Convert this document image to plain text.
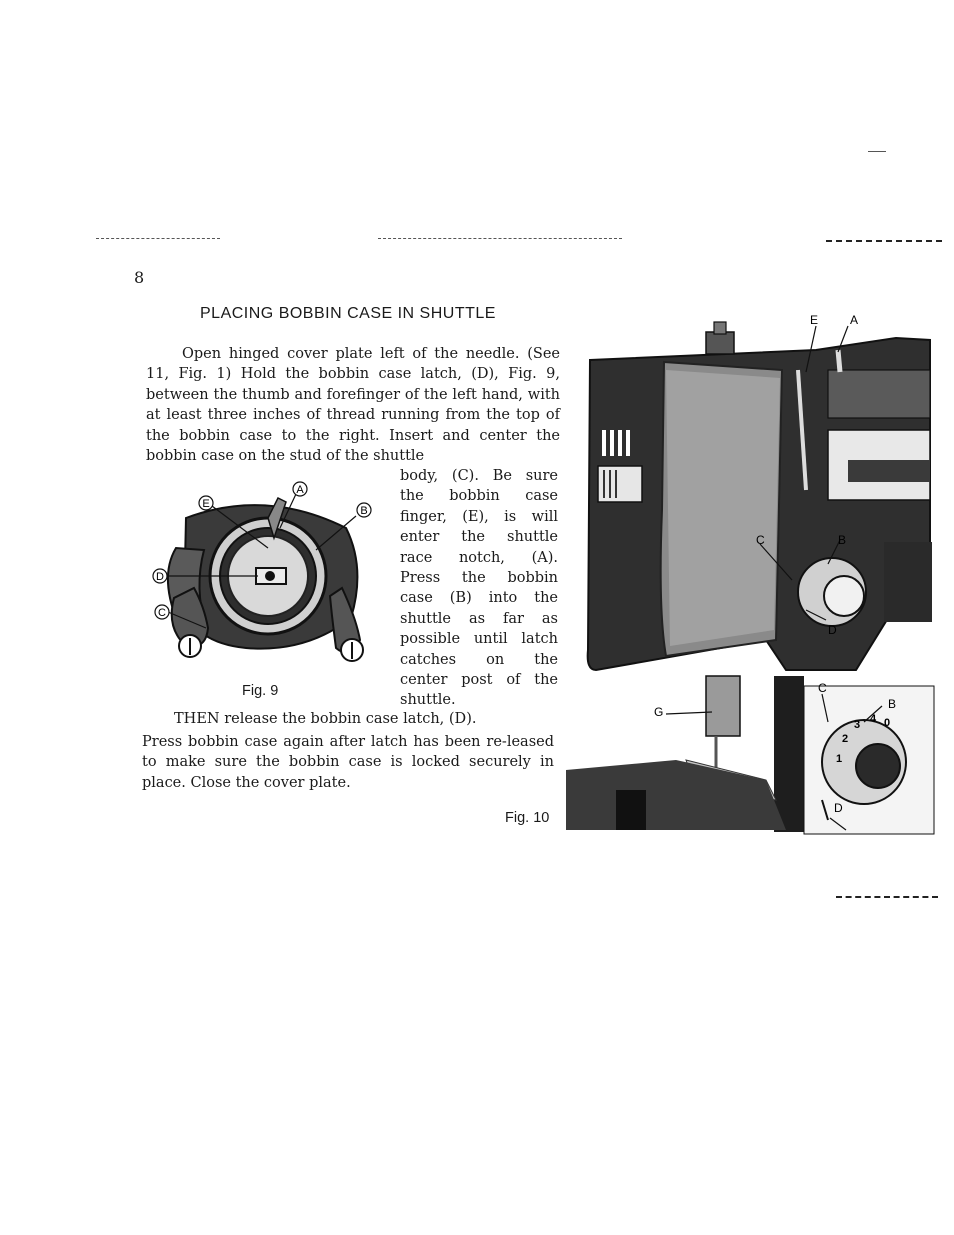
8
PLACING BOBBIN CASE IN SHUTTLE

Open hinged cover plate left of the needle. (See 11, Fig. 1) Hold the bobbin case latch, (D), Fig. 9, between the thumb and forefinger of the left hand, with at least three inches of thread running from the top of the bobbin case to the right. Insert and center the bobbin case on the stud of the shuttle

body, (C). Be sure the bobbin case finger, (E), is will enter the shuttle race notch, (A). Press the bobbin case (B) into the shuttle as far as possible until latch catches on the center post of the shuttle.

THEN release the bobbin case latch, (D).

Press bobbin case again after latch has been re-leased to make sure the bobbin case is locked securely in place. Close the cover plate.

E
A
B
D
C
Fig. 9
1
2
3 4 0
E	A
B
C
D
G
C
B
D
Fig. 10
